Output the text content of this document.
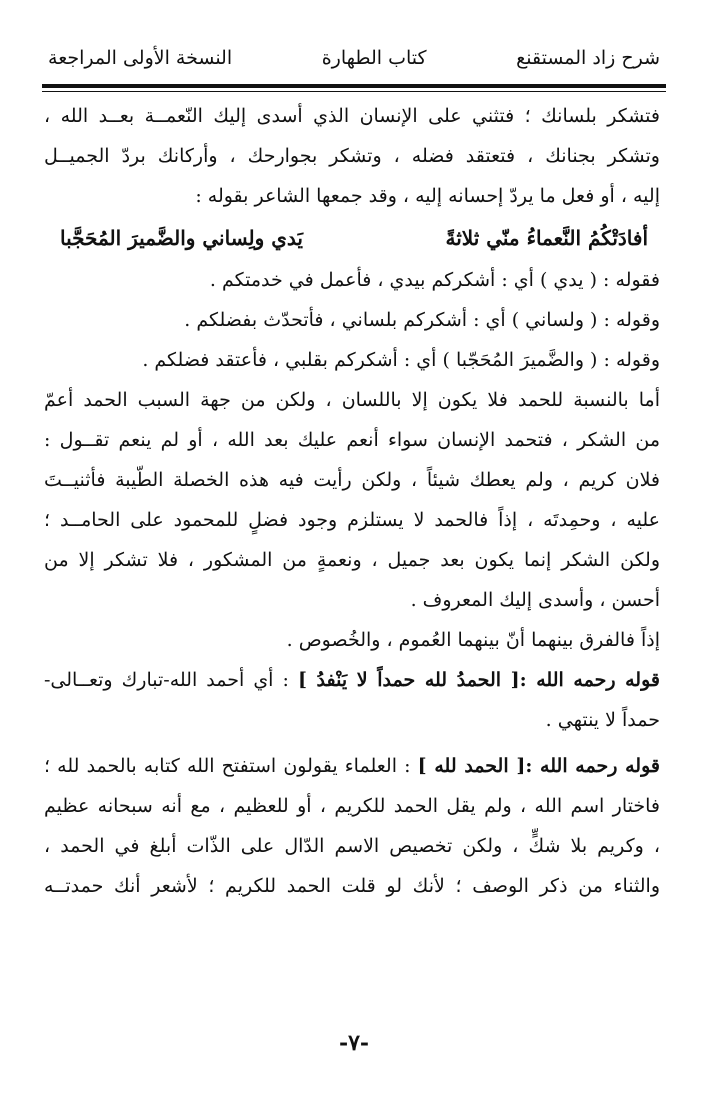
شرح زاد المستقنع
كتاب الطهارة
النسخة الأولى المراجعة
فتشكر بلسانك ؛ فتثني على الإنسان الذي أسدى إليك النّعمــة بعــد الله ،
وتشكر بجنانك ، فتعتقد فضله ، وتشكر بجوارحك ، وأركانك بردّ الجميــل
إليه ، أو فعل ما يردّ إحسانه إليه ، وقد جمعها الشاعر بقوله :
أفادَتْكُمُ النَّعماءُ منّي ثلاثةً
يَدي ولِساني والضَّميرَ المُحَجَّبا
فقوله : ( يدي ) أي : أشكركم بيدي ، فأعمل في خدمتكم .
وقوله : ( ولساني ) أي : أشكركم بلساني ، فأتحدّث بفضلكم .
وقوله : ( والضَّميرَ المُحَجّبا ) أي : أشكركم بقلبي ، فأعتقد فضلكم .
أما بالنسبة للحمد فلا يكون إلا باللسان ، ولكن من جهة السبب الحمد أعمّ
من الشكر ، فتحمد الإنسان سواء أنعم عليك بعد الله ، أو لم ينعم تقــول :
فلان كريم ، ولم يعطك شيئاً ، ولكن رأيت فيه هذه الخصلة الطّيبة فأثنيــتَ
عليه ، وحمِدتَه ، إذاً فالحمد لا يستلزم وجود فضلٍ للمحمود على الحامــد ؛
ولكن الشكر إنما يكون بعد جميل ، ونعمةٍ من المشكور ، فلا تشكر إلا من
أحسن ، وأسدى إليك المعروف .
إذاً فالفرق بينهما أنّ بينهما العُموم ، والخُصوص .
قوله رحمه الله :[ الحمدُ لله حمداً لا يَنْفدُ ] : أي أحمد الله-تبارك وتعــالى-
حمداً لا ينتهي .
قوله رحمه الله :[ الحمد لله ] : العلماء يقولون استفتح الله كتابه بالحمد لله ؛
فاختار اسم الله ، ولم يقل الحمد للكريم ، أو للعظيم ، مع أنه سبحانه عظيم
، وكريم بلا شكٍّ ، ولكن تخصيص الاسم الدّال على الذّات أبلغ في الحمد ،
والثناء من ذكر الوصف ؛ لأنك لو قلت الحمد للكريم ؛ لأشعر أنك حمدتــه
-٧-
